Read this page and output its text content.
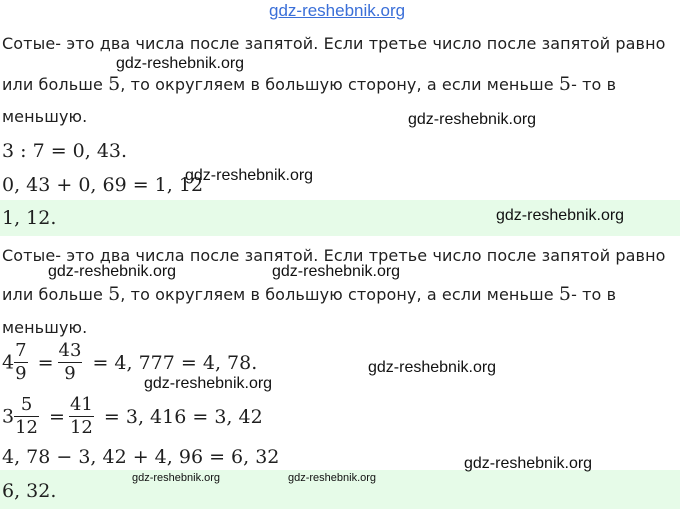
gdz-reshebnik.org
Сотые- это два числа после запятой. Если третье число после запятой равно
или больше 5, то округляем в большую сторону, а если меньше 5- то в
меньшую.
3 : 7 = 0, 43.
0, 43 + 0, 69 = 1, 12
1, 12.
Сотые- это два числа после запятой. Если третье число после запятой равно
или больше 5, то округляем в большую сторону, а если меньше 5- то в
меньшую.
$4 \frac{7}{9} = \frac{43}{9} = 4$, 777 = 4, 78.
$3 \frac{5}{12} = \frac{41}{12} = 3$, 416 = 3, 42
4, 78 − 3, 42 + 4, 96 = 6, 32
6, 32.
gdz-reshebnik.org
gdz-reshebnik.org
gdz-reshebnik.org
gdz-reshebnik.org
gdz-reshebnik.org	gdz-reshebnik.org
gdz-reshebnik.org
gdz-reshebnik.org
gdz-reshebnik.org
gdz-reshebnik.org	gdz-reshebnik.org
